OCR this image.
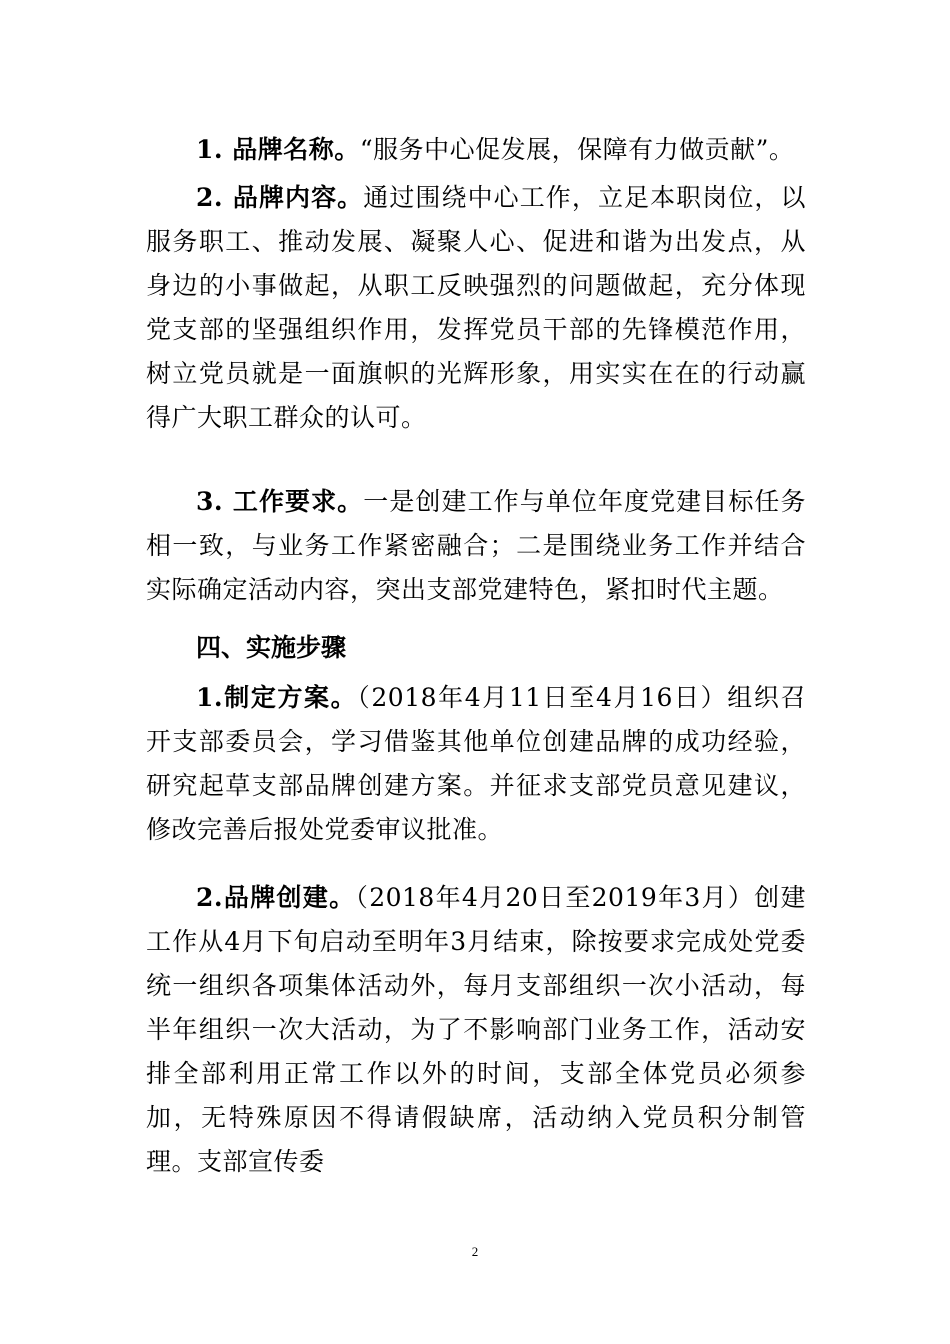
1. 品牌名称。“服务中心促发展，保障有力做贡献”。

2. 品牌内容。通过围绕中心工作，立足本职岗位，以服务职工、推动发展、凝聚人心、促进和谐为出发点，从身边的小事做起，从职工反映强烈的问题做起，充分体现党支部的坚强组织作用，发挥党员干部的先锋模范作用，树立党员就是一面旗帜的光辉形象，用实实在在的行动赢得广大职工群众的认可。

3. 工作要求。一是创建工作与单位年度党建目标任务相一致，与业务工作紧密融合；二是围绕业务工作并结合实际确定活动内容，突出支部党建特色，紧扣时代主题。

四、实施步骤

1.制定方案。（2018年4月11日至4月16日）组织召开支部委员会，学习借鉴其他单位创建品牌的成功经验，研究起草支部品牌创建方案。并征求支部党员意见建议，修改完善后报处党委审议批准。

2.品牌创建。（2018年4月20日至2019年3月）创建工作从4月下旬启动至明年3月结束，除按要求完成处党委统一组织各项集体活动外，每月支部组织一次小活动，每半年组织一次大活动，为了不影响部门业务工作，活动安排全部利用正常工作以外的时间，支部全体党员必须参加，无特殊原因不得请假缺席，活动纳入党员积分制管理。支部宣传委

2
